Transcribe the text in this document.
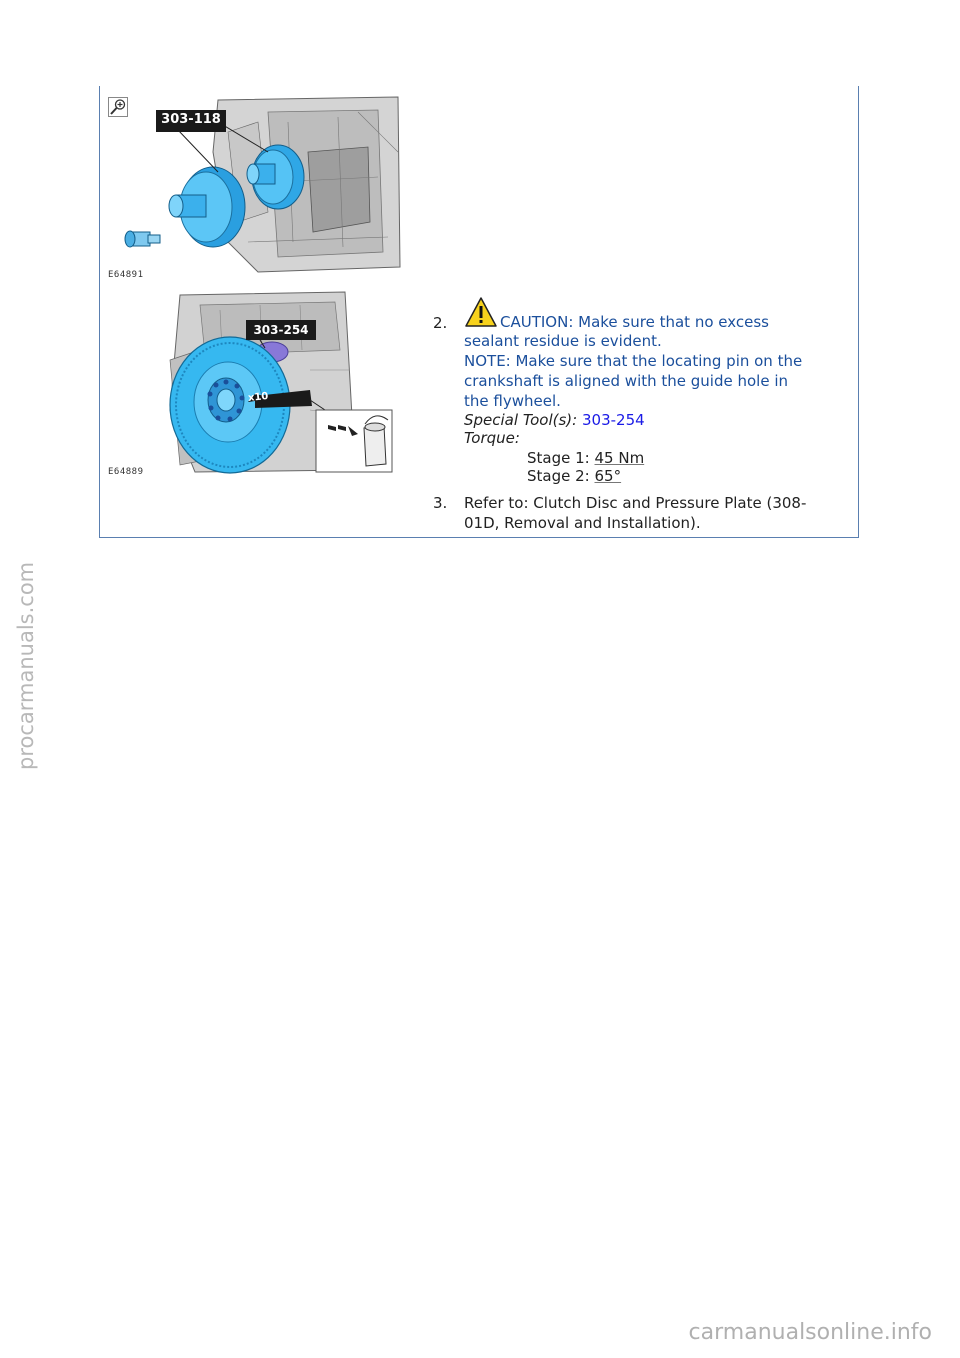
303-118
E64891
303-254
x10
E64889
2.	CAUTION: Make sure that no excess
sealant residue is evident.
NOTE: Make sure that the locating pin on the
crankshaft is aligned with the guide hole in
the flywheel.
Special Tool(s): 303-254
Torque:
Stage 1: 45 Nm
Stage 2: 65°
3. Refer to: Clutch Disc and Pressure Plate (308-
01D, Removal and Installation).
procarmanuals.com
carmanualsonline.info
